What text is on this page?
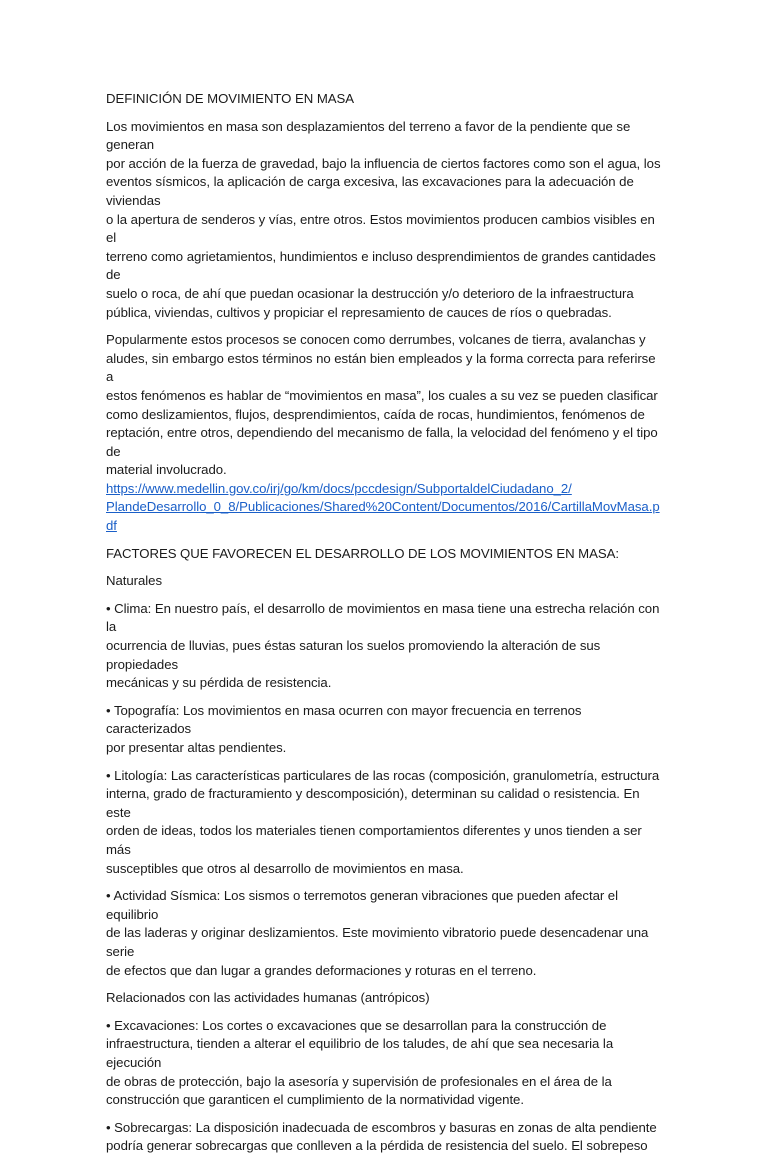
DEFINICIÓN DE MOVIMIENTO EN MASA

Los movimientos en masa son desplazamientos del terreno a favor de la pendiente que se generan
por acción de la fuerza de gravedad, bajo la influencia de ciertos factores como son el agua, los
eventos sísmicos, la aplicación de carga excesiva, las excavaciones para la adecuación de viviendas
o la apertura de senderos y vías, entre otros. Estos movimientos producen cambios visibles en el
terreno como agrietamientos, hundimientos e incluso desprendimientos de grandes cantidades de
suelo o roca, de ahí que puedan ocasionar la destrucción y/o deterioro de la infraestructura
pública, viviendas, cultivos y propiciar el represamiento de cauces de ríos o quebradas.

Popularmente estos procesos se conocen como derrumbes, volcanes de tierra, avalanchas y
aludes, sin embargo estos términos no están bien empleados y la forma correcta para referirse a
estos fenómenos es hablar de “movimientos en masa”, los cuales a su vez se pueden clasificar
como deslizamientos, flujos, desprendimientos, caída de rocas, hundimientos, fenómenos de
reptación, entre otros, dependiendo del mecanismo de falla, la velocidad del fenómeno y el tipo de
material involucrado.
https://www.medellin.gov.co/irj/go/km/docs/pccdesign/SubportaldelCiudadano_2/
PlandeDesarrollo_0_8/Publicaciones/Shared%20Content/Documentos/2016/CartillaMovMasa.pdf

FACTORES QUE FAVORECEN EL DESARROLLO DE LOS MOVIMIENTOS EN MASA:

Naturales

• Clima: En nuestro país, el desarrollo de movimientos en masa tiene una estrecha relación con la
ocurrencia de lluvias, pues éstas saturan los suelos promoviendo la alteración de sus propiedades
mecánicas y su pérdida de resistencia.

• Topografía: Los movimientos en masa ocurren con mayor frecuencia en terrenos caracterizados
por presentar altas pendientes.

• Litología: Las características particulares de las rocas (composición, granulometría, estructura
interna, grado de fracturamiento y descomposición), determinan su calidad o resistencia. En este
orden de ideas, todos los materiales tienen comportamientos diferentes y unos tienden a ser más
susceptibles que otros al desarrollo de movimientos en masa.

• Actividad Sísmica: Los sismos o terremotos generan vibraciones que pueden afectar el equilibrio
de las laderas y originar deslizamientos. Este movimiento vibratorio puede desencadenar una serie
de efectos que dan lugar a grandes deformaciones y roturas en el terreno.

Relacionados con las actividades humanas (antrópicos)

• Excavaciones: Los cortes o excavaciones que se desarrollan para la construcción de
infraestructura, tienden a alterar el equilibrio de los taludes, de ahí que sea necesaria la ejecución
de obras de protección, bajo la asesoría y supervisión de profesionales en el área de la
construcción que garanticen el cumplimiento de la normatividad vigente.

• Sobrecargas: La disposición inadecuada de escombros y basuras en zonas de alta pendiente
podría generar sobrecargas que conlleven a la pérdida de resistencia del suelo. El sobrepeso
